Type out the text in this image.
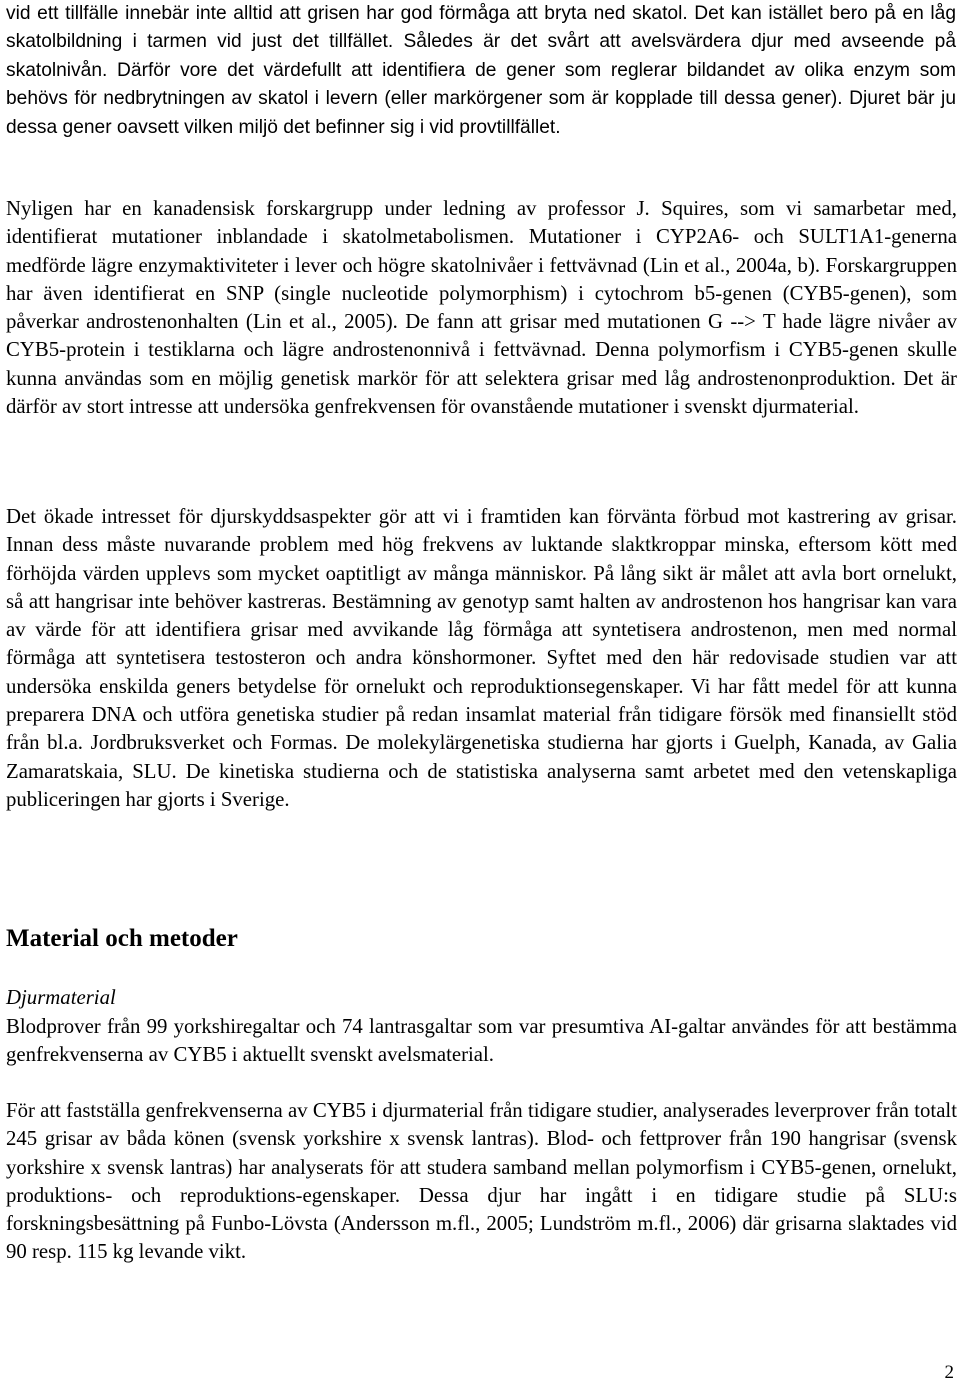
vid ett tillfälle innebär inte alltid att grisen har god förmåga att bryta ned skatol. Det kan istället bero på en låg skatolbildning i tarmen vid just det tillfället. Således är det svårt att avelsvärdera djur med avseende på skatolnivån. Därför vore det värdefullt att identifiera de gener som reglerar bildandet av olika enzym som behövs för nedbrytningen av skatol i levern (eller markörgener som är kopplade till dessa gener). Djuret bär ju dessa gener oavsett vilken miljö det befinner sig i vid provtillfället.

Nyligen har en kanadensisk forskargrupp under ledning av professor J. Squires, som vi samarbetar med, identifierat mutationer inblandade i skatolmetabolismen. Mutationer i CYP2A6- och SULT1A1-generna medförde lägre enzymaktiviteter i lever och högre skatolnivåer i fettvävnad (Lin et al., 2004a, b). Forskargruppen har även identifierat en SNP (single nucleotide polymorphism) i cytochrom b5-genen (CYB5-genen), som påverkar androstenonhalten (Lin et al., 2005). De fann att grisar med mutationen G --> T hade lägre nivåer av CYB5-protein i testiklarna och lägre androstenonnivå i fettvävnad. Denna polymorfism i CYB5-genen skulle kunna användas som en möjlig genetisk markör för att selektera grisar med låg androstenonproduktion. Det är därför av stort intresse att undersöka genfrekvensen för ovanstående mutationer i svenskt djurmaterial.

Det ökade intresset för djurskyddsaspekter gör att vi i framtiden kan förvänta förbud mot kastrering av grisar. Innan dess måste nuvarande problem med hög frekvens av luktande slaktkroppar minska, eftersom kött med förhöjda värden upplevs som mycket oaptitligt av många människor. På lång sikt är målet att avla bort ornelukt, så att hangrisar inte behöver kastreras. Bestämning av genotyp samt halten av androstenon hos hangrisar kan vara av värde för att identifiera grisar med avvikande låg förmåga att syntetisera androstenon, men med normal förmåga att syntetisera testosteron och andra könshormoner. Syftet med den här redovisade studien var att undersöka enskilda geners betydelse för ornelukt och reproduktionsegenskaper. Vi har fått medel för att kunna preparera DNA och utföra genetiska studier på redan insamlat material från tidigare försök med finansiellt stöd från bl.a. Jordbruksverket och Formas. De molekylärgenetiska studierna har gjorts i Guelph, Kanada, av Galia Zamaratskaia, SLU. De kinetiska studierna och de statistiska analyserna samt arbetet med den vetenskapliga publiceringen har gjorts i Sverige.

Material och metoder
Djurmaterial

Blodprover från 99 yorkshiregaltar och 74 lantrasgaltar som var presumtiva AI-galtar användes för att bestämma genfrekvenserna av CYB5 i aktuellt svenskt avelsmaterial.

För att fastställa genfrekvenserna av CYB5 i djurmaterial från tidigare studier, analyserades leverprover från totalt 245 grisar av båda könen (svensk yorkshire x svensk lantras). Blod- och fettprover från 190 hangrisar (svensk yorkshire x svensk lantras) har analyserats för att studera samband mellan polymorfism i CYB5-genen, ornelukt, produktions- och reproduktions-egenskaper. Dessa djur har ingått i en tidigare studie på SLU:s forskningsbesättning på Funbo-Lövsta (Andersson m.fl., 2005; Lundström m.fl., 2006) där grisarna slaktades vid 90 resp. 115 kg levande vikt.

2
